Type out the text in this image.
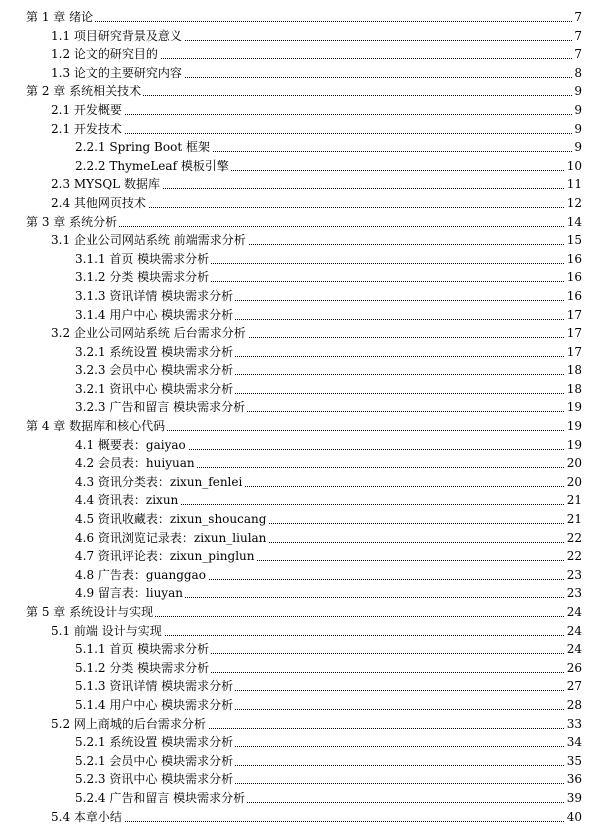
第 1 章 绪论	7
1.1 项目研究背景及意义	7
1.2 论文的研究目的	7
1.3 论文的主要研究内容	8
第 2 章 系统相关技术	9
2.1 开发概要	9
2.1 开发技术	9
2.2.1 Spring Boot 框架	9
2.2.2 ThymeLeaf 模板引擎	10
2.3 MYSQL 数据库	11
2.4 其他网页技术	12
第 3 章 系统分析	14
3.1 企业公司网站系统 前端需求分析	15
3.1.1 首页 模块需求分析	16
3.1.2 分类 模块需求分析	16
3.1.3 资讯详情 模块需求分析	16
3.1.4 用户中心 模块需求分析	17
3.2 企业公司网站系统 后台需求分析	17
3.2.1 系统设置 模块需求分析	17
3.2.3 会员中心 模块需求分析	18
3.2.1 资讯中心 模块需求分析	18
3.2.3 广告和留言 模块需求分析	19
第 4 章 数据库和核心代码	19
4.1 概要表：gaiyao	19
4.2 会员表：huiyuan	20
4.3 资讯分类表：zixun_fenlei	20
4.4 资讯表：zixun	21
4.5 资讯收藏表：zixun_shoucang	21
4.6 资讯浏览记录表：zixun_liulan	22
4.7 资讯评论表：zixun_pinglun	22
4.8 广告表：guanggao	23
4.9 留言表：liuyan	23
第 5 章 系统设计与实现	24
5.1 前端 设计与实现	24
5.1.1 首页 模块需求分析	24
5.1.2 分类 模块需求分析	26
5.1.3 资讯详情 模块需求分析	27
5.1.4 用户中心 模块需求分析	28
5.2 网上商城的后台需求分析	33
5.2.1 系统设置 模块需求分析	34
5.2.1 会员中心 模块需求分析	35
5.2.3 资讯中心 模块需求分析	36
5.2.4 广告和留言 模块需求分析	39
5.4 本章小结	40
